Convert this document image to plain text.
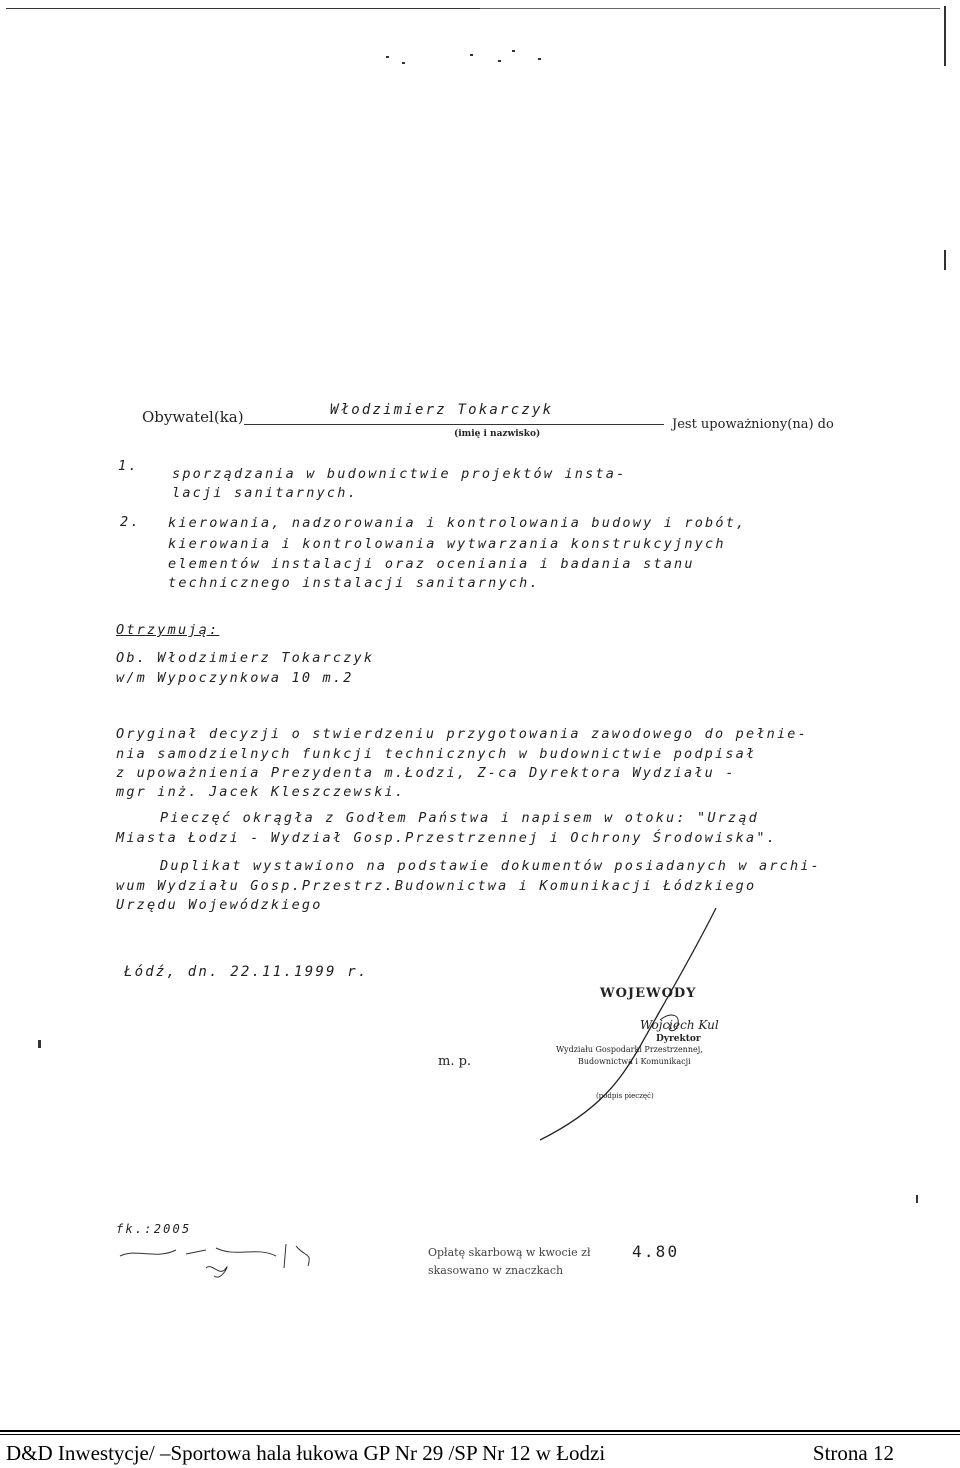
Obywatel(ka)	Włodzimierz Tokarczyk
(imię i nazwisko)
Jest upoważniony(na) do
1. sporządzania w budownictwie projektów insta-
lacji sanitarnych.
2. kierowania, nadzorowania i kontrolowania budowy i robót,
kierowania i kontrolowania wytwarzania konstrukcyjnych
elementów instalacji oraz oceniania i badania stanu
technicznego instalacji sanitarnych.
Otrzymują:
Ob. Włodzimierz Tokarczyk
w/m Wypoczynkowa 10 m.2
Oryginał decyzji o stwierdzeniu przygotowania zawodowego do pełnie-
nia samodzielnych funkcji technicznych w budownictwie podpisał
z upoważnienia Prezydenta m.Łodzi, Z-ca Dyrektora Wydziału -
mgr inż. Jacek Kleszczewski.
Pieczęć okrągła z Godłem Państwa i napisem w otoku: "Urząd
Miasta Łodzi - Wydział Gosp.Przestrzennej i Ochrony Środowiska".
Duplikat wystawiono na podstawie dokumentów posiadanych w archi-
wum Wydziału Gosp.Przestrz.Budownictwa i Komunikacji Łódzkiego
Urzędu Wojewódzkiego
Łódź, dn. 22.11.1999 r.
WOJEWODY
Wojciech Kul
Dyrektor
Wydziału Gospodarki Przestrzennej,
Budownictwa i Komunikacji
(podpis pieczęć)
m. p.
fk.:2005
Opłatę skarbową w kwocie zł	4.80
skasowano w znaczkach
D&D Inwestycje/ –Sportowa hala łukowa GP Nr 29 /SP Nr 12 w Łodzi	Strona 12
